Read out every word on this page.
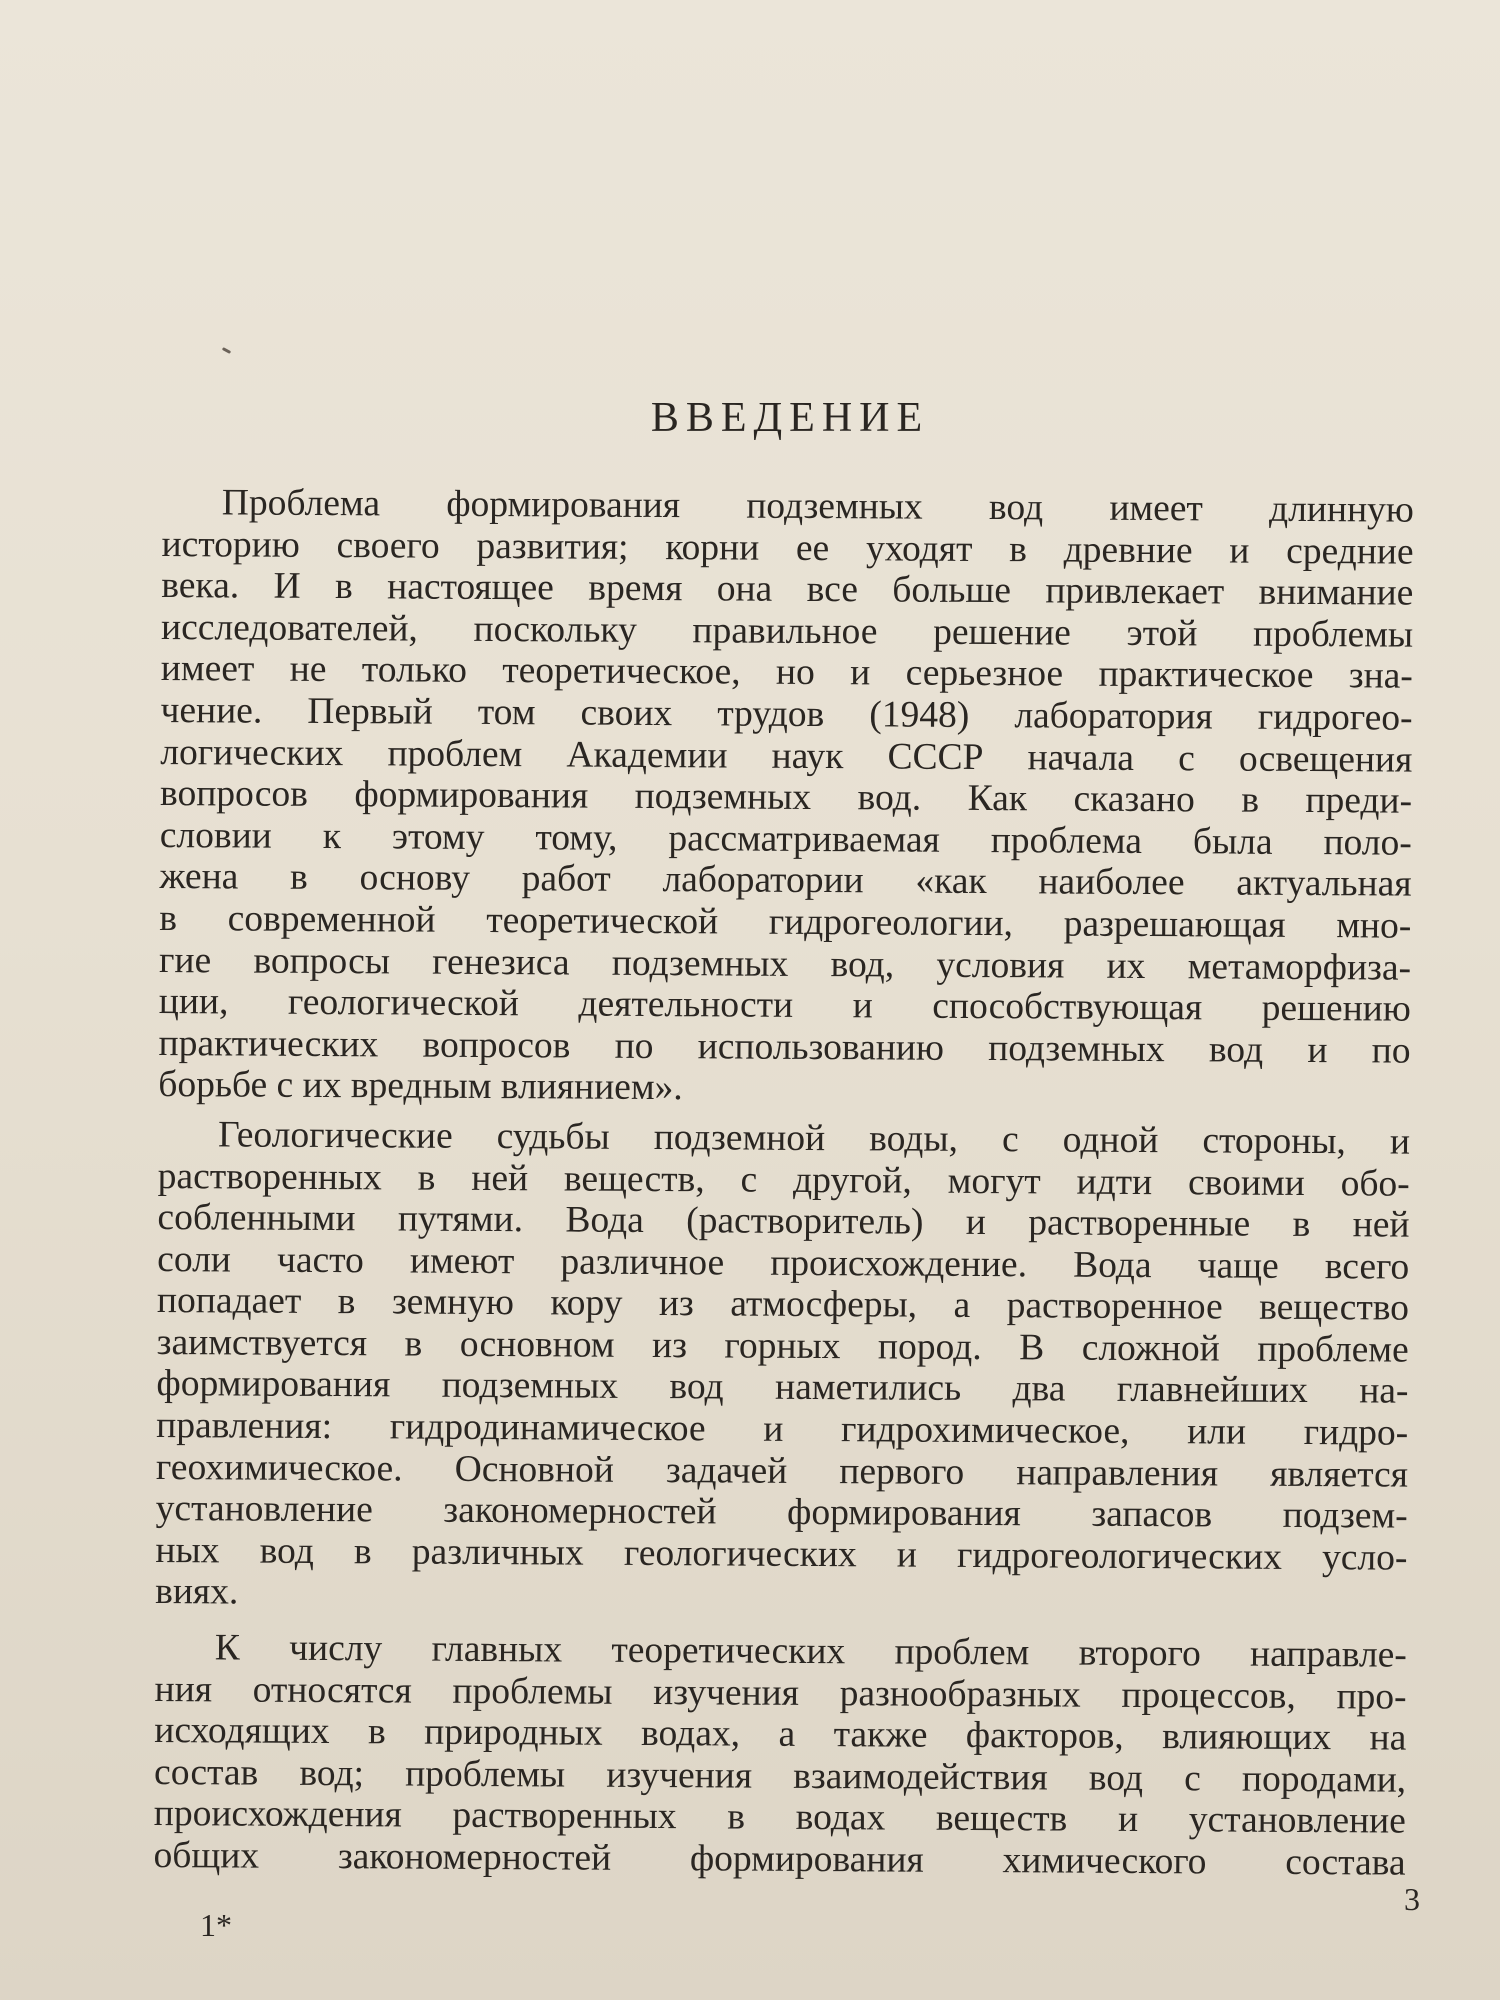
ВВЕДЕНИЕ

Проблема формирования подземных вод имеет длинную
историю своего развития; корни ее уходят в древние и средние
века. И в настоящее время она все больше привлекает внимание
исследователей, поскольку правильное решение этой проблемы
имеет не только теоретическое, но и серьезное практическое зна-
чение. Первый том своих трудов (1948) лаборатория гидрогео-
логических проблем Академии наук СССР начала с освещения
вопросов формирования подземных вод. Как сказано в преди-
словии к этому тому, рассматриваемая проблема была поло-
жена в основу работ лаборатории «как наиболее актуальная
в современной теоретической гидрогеологии, разрешающая мно-
гие вопросы генезиса подземных вод, условия их метаморфиза-
ции, геологической деятельности и способствующая решению
практических вопросов по использованию подземных вод и по
борьбе с их вредным влиянием».

Геологические судьбы подземной воды, с одной стороны, и
растворенных в ней веществ, с другой, могут идти своими обо-
собленными путями. Вода (растворитель) и растворенные в ней
соли часто имеют различное происхождение. Вода чаще всего
попадает в земную кору из атмосферы, а растворенное вещество
заимствуется в основном из горных пород. В сложной проблеме
формирования подземных вод наметились два главнейших на-
правления: гидродинамическое и гидрохимическое, или гидро-
геохимическое. Основной задачей первого направления является
установление закономерностей формирования запасов подзем-
ных вод в различных геологических и гидрогеологических усло-
виях.

К числу главных теоретических проблем второго направле-
ния относятся проблемы изучения разнообразных процессов, про-
исходящих в природных водах, а также факторов, влияющих на
состав вод; проблемы изучения взаимодействия вод с породами,
происхождения растворенных в водах веществ и установление
общих закономерностей формирования химического состава

1*
3
